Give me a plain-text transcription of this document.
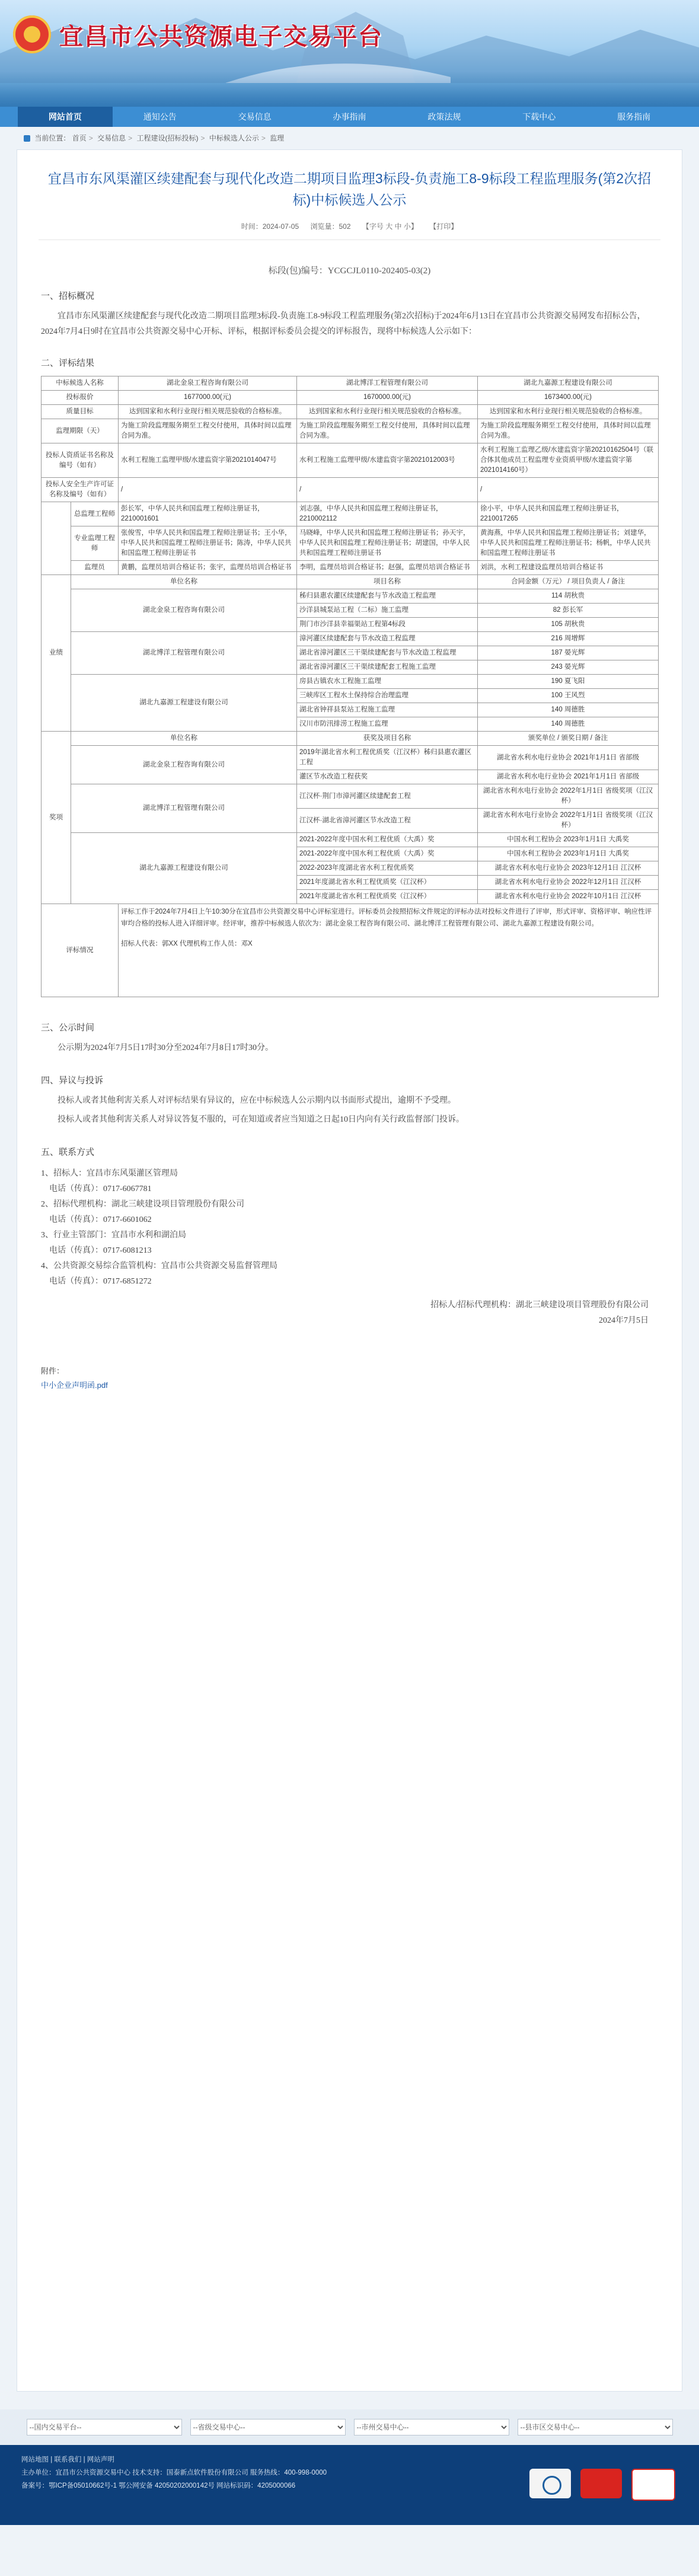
宜昌市公共资源电子交易平台
网站首页	通知公告	交易信息	办事指南	政策法规	下载中心	服务指南
当前位置： 首页 > 交易信息 > 工程建设(招标投标) > 中标候选人公示 > 监理
宜昌市东风渠灌区续建配套与现代化改造二期项目监理3标段-负责施工8-9标段工程监理服务(第2次招标)中标候选人公示
时间：2024-07-05 浏览量：502 【字号 大 中 小】 【打印】
标段(包)编号：YCGCJL0110-20240​5-03(2)
一、招标概况
宜昌市东风渠灌区续建配套与现代化改造二期项目监理3标段-负责施工8-9标段工程监理服务(第2次招标)于2024年6月13日在宜昌市公共资源交易网发布招标公告，2024年7月4日9时在宜昌市公共资源交易中心开标、评标，根据评标委员会提交的评标报告，现将中标候选人公示如下：
二、评标结果
中标候选人名称		湖北金泉工程咨询有限公司	湖北博洋工程管理有限公司	湖北九嘉源工程建设有限公司
投标报价		1677000.00(元)	1670000.00(元)	1673400.00(元)
质量目标		达到国家和水利行业现行相关规范验收的合格标准。	达到国家和水利行业现行相关规范验收的合格标准。	达到国家和水利行业现行相关规范验收的合格标准。
监理期限（天）		为施工阶段监理服务期至工程交付使用，具体时间以监理合同为准。	为施工阶段监理服务期至工程交付使用，具体时间以监理合同为准。	为施工阶段监理服务期至工程交付使用，具体时间以监理合同为准。
投标人资质证书名称及编号（如有）		水利工程施工监理甲级/水建监资字第2021014047号	水利工程施工监理甲级/水建监资字第2021012003号	水利工程施工监理乙级/水建监资字第20210162504号（联合体其他成员工程监理专业资质甲级/水建监资字第2021014160号）
投标人安全生产许可证名称及编号（如有）		/	/	/
	总监理工程师	彭长军，中华人民共和国监理工程师注册证书，2210001601	刘志强，中华人民共和国监理工程师注册证书，2210002112	徐小平，中华人民共和国监理工程师注册证书，2210017265
	专业监理工程师	张俊雪，中华人民共和国监理工程师注册证书；王小华，中华人民共和国监理工程师注册证书；陈涛，中华人民共和国监理工程师注册证书	马晓峰，中华人民共和国监理工程师注册证书；孙天宇，中华人民共和国监理工程师注册证书；胡建国，中华人民共和国监理工程师注册证书	黄海燕，中华人民共和国监理工程师注册证书；刘建华，中华人民共和国监理工程师注册证书；杨帆，中华人民共和国监理工程师注册证书
	监理员	黄鹏，监理员培训合格证书；张宇，监理员培训合格证书	李明，监理员培训合格证书；赵强，监理员培训合格证书	刘洪，水利工程建设监理员培训合格证书
业绩	单位名称		项目名称	合同金额（万元） / 项目负责人 / 备注
	湖北金泉工程咨询有限公司		秭归县惠农灌区续建配套与节水改造工程监理	114 胡秋贵
			沙洋县城泵站工程（二标）施工监理	82 彭长军
			荆门市沙洋县幸福渠站工程第4标段	105 胡秋贵
	湖北博洋工程管理有限公司		漳河灌区续建配套与节水改造工程监理	216 周增辉
			湖北省漳河灌区三干渠续建配套与节水改造工程监理	187 晏光辉
			湖北省漳河灌区三干渠续建配套工程施工监理	243 晏光辉
	湖北九嘉源工程建设有限公司		房县古镇农水工程施工监理	190 夏飞阳
			三峡库区工程水土保持综合治理监理	100 王风烈
			湖北省钟祥县泵站工程施工监理	140 周德胜
			汉川市防汛排涝工程施工监理	140 周德胜
奖项	单位名称		获奖及项目名称	颁奖单位 / 颁奖日期 / 备注
	湖北金泉工程咨询有限公司		2019年湖北省水利工程优质奖（江汉杯）秭归县惠农灌区工程	湖北省水利水电行业协会 2021年1月1日 省部级
			灌区节水改造工程获奖	湖北省水利水电行业协会 2021年1月1日 省部级
	湖北博洋工程管理有限公司		江汉杯·荆门市漳河灌区续建配套工程	湖北省水利水电行业协会 2022年1月1日 省级奖项（江汉杯）
			江汉杯·湖北省漳河灌区节水改造工程	湖北省水利水电行业协会 2022年1月1日 省级奖项（江汉杯）
	湖北九嘉源工程建设有限公司		2021-2022年度中国水利工程优质（大禹）奖	中国水利工程协会 2023年1月1日 大禹奖
			2021-2022年度中国水利工程优质（大禹）奖	中国水利工程协会 2023年1月1日 大禹奖
			2022-2023年度湖北省水利工程优质奖	湖北省水利水电行业协会 2023年12月1日 江汉杯
			2021年度湖北省水利工程优质奖（江汉杯）	湖北省水利水电行业协会 2022年12月1日 江汉杯
			2021年度湖北省水利工程优质奖（江汉杯）	湖北省水利水电行业协会 2022年10月1日 江汉杯
评标情况		评标工作于2024年7月4日上午10:30分在宜昌市公共资源交易中心评标室进行。评标委员会按照招标文件规定的评标办法对投标文件进行了评审，形式评审、资格评审、响应性评审均合格的投标人进入详细评审。经评审，推荐中标候选人依次为：湖北金泉工程咨询有限公司、湖北博洋工程管理有限公司、湖北九嘉源工程建设有限公司。
招标人代表：郭XX 代理机构工作人员：邓X		
三、公示时间
公示期为2024年7月5日17时30分至2024年7月8日17时30分。
四、异议与投诉
投标人或者其他利害关系人对评标结果有异议的，应在中标候选人公示期内以书面形式提出，逾期不予受理。
投标人或者其他利害关系人对异议答复不服的，可在知道或者应当知道之日起10日内向有关行政监督部门投诉。
五、联系方式
1、招标人：宜昌市东风渠灌区管理局
电话（传真）：0717-6067781
2、招标代理机构：湖北三峡建设项目管理股份有限公司
电话（传真）：0717-6601062
3、行业主管部门：宜昌市水利和湖泊局
电话（传真）：0717-6081213
4、公共资源交易综合监管机构：宜昌市公共资源交易监督管理局
电话（传真）：0717-6851272
招标人/招标代理机构：湖北三峡建设项目管理股份有限公司
2024年7月5日
附件：
中小企业声明函.pdf
--国内交易平台--
--省级交易中心--
--市州交易中心--
--县市区交易中心--
网站地图 | 联系我们 | 网站声明
主办单位：宜昌市公共资源交易中心 技术支持：国泰新点软件股份有限公司 服务热线：400-998-0000
备案号：鄂ICP备05010662号-1 鄂公网安备 42050202000142号 网站标识码：4205000066
